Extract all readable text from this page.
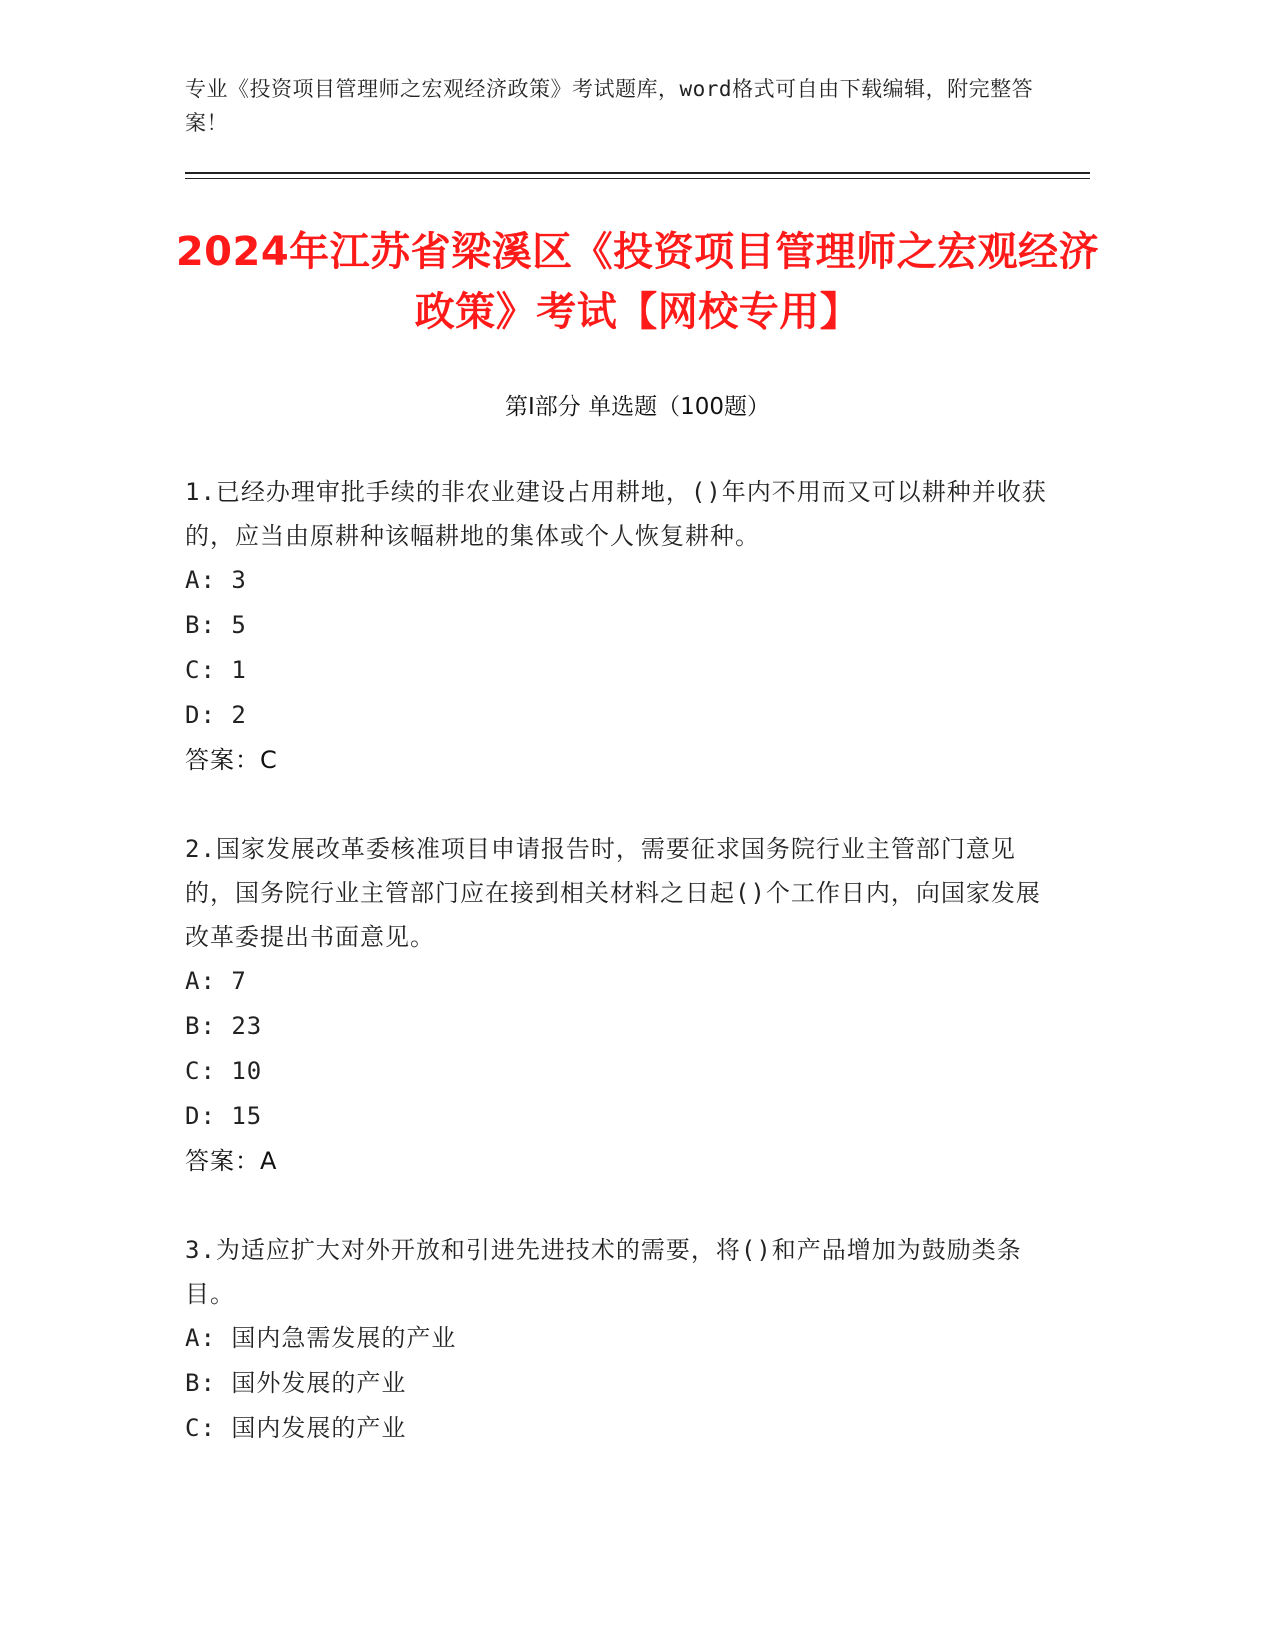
专业《投资项目管理师之宏观经济政策》考试题库，word格式可自由下载编辑，附完整答案！
2024年江苏省梁溪区《投资项目管理师之宏观经济政策》考试【网校专用】
第Ⅰ部分 单选题（100题）
1.已经办理审批手续的非农业建设占用耕地，()年内不用而又可以耕种并收获的，应当由原耕种该幅耕地的集体或个人恢复耕种。
A: 3
B: 5
C: 1
D: 2
答案：C
2.国家发展改革委核准项目申请报告时，需要征求国务院行业主管部门意见的，国务院行业主管部门应在接到相关材料之日起()个工作日内，向国家发展改革委提出书面意见。
A: 7
B: 23
C: 10
D: 15
答案：A
3.为适应扩大对外开放和引进先进技术的需要，将()和产品增加为鼓励类条目。
A: 国内急需发展的产业
B: 国外发展的产业
C: 国内发展的产业
